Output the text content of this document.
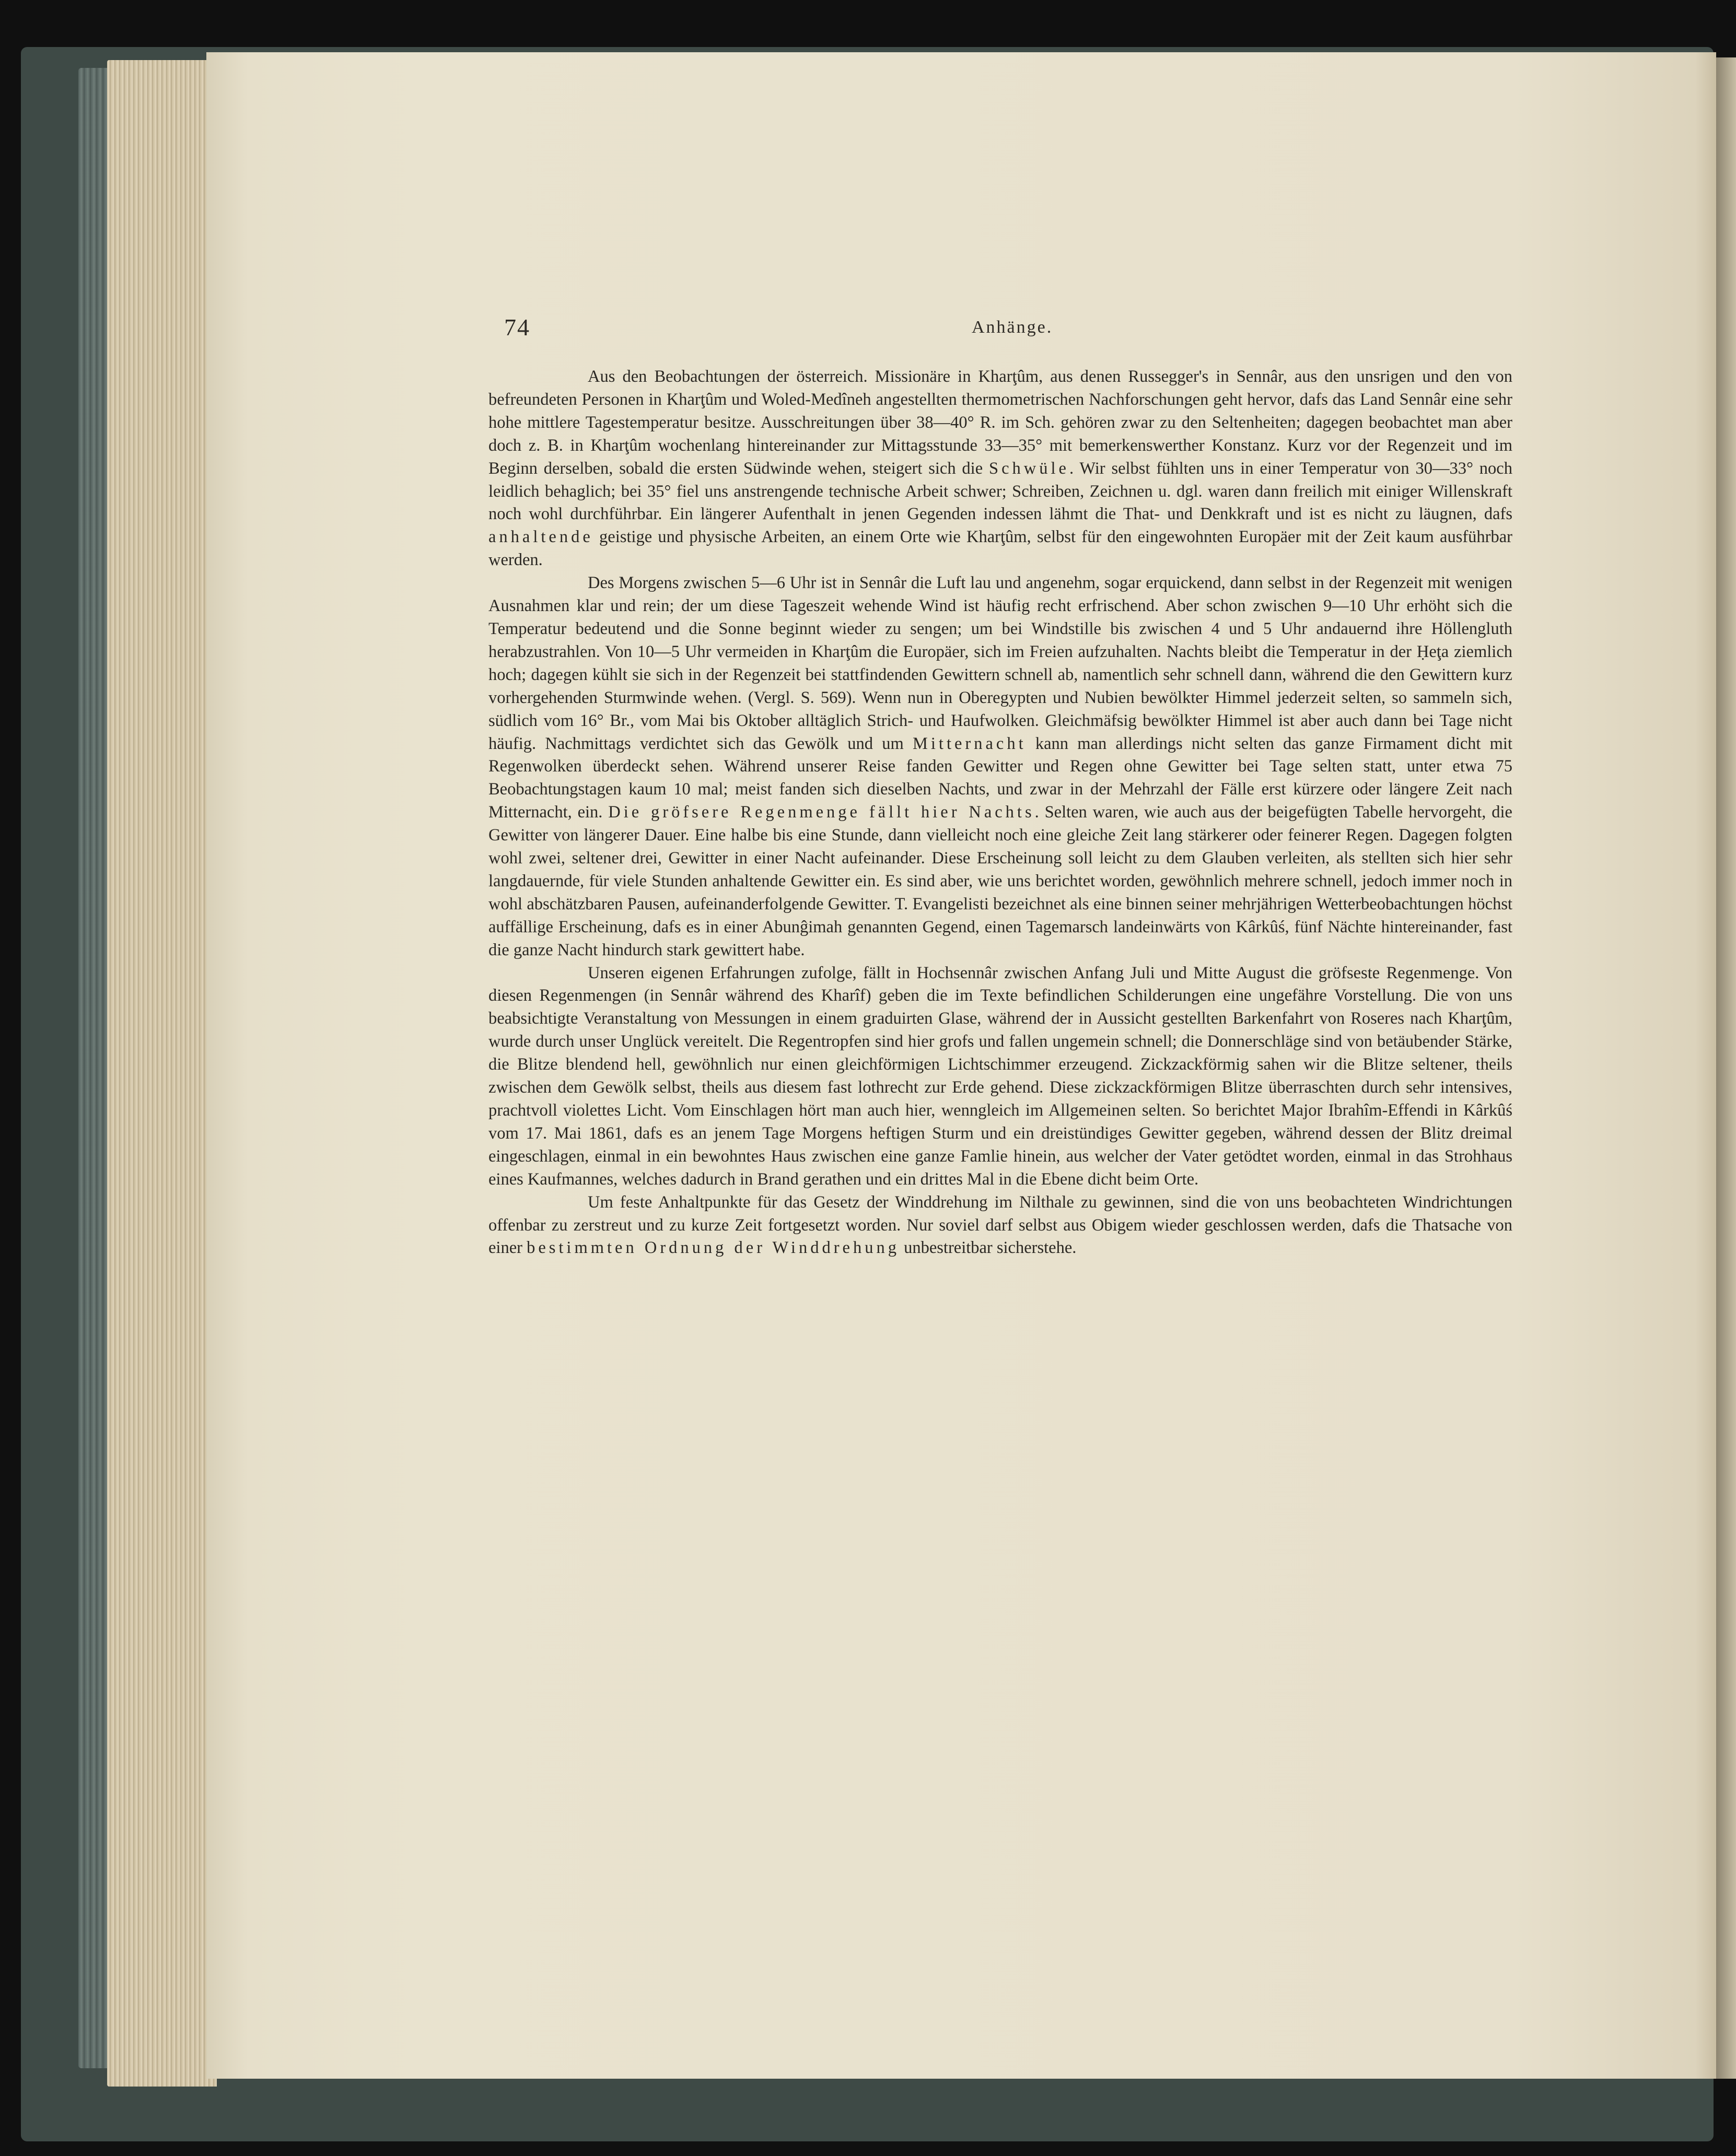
74	Anhänge.

Aus den Beobachtungen der österreich. Missionäre in Kharţûm, aus denen Russegger's in Sennâr, aus den unsrigen und den von befreundeten Personen in Kharţûm und Woled-Medîneh angestellten thermometrischen Nachforschungen geht hervor, dafs das Land Sennâr eine sehr hohe mittlere Tagestemperatur besitze. Ausschreitungen über 38—40° R. im Sch. gehören zwar zu den Seltenheiten; dagegen beobachtet man aber doch z. B. in Kharţûm wochenlang hintereinander zur Mittagsstunde 33—35° mit bemerkenswerther Konstanz. Kurz vor der Regenzeit und im Beginn derselben, sobald die ersten Südwinde wehen, steigert sich die Schwüle. Wir selbst fühlten uns in einer Temperatur von 30—33° noch leidlich behaglich; bei 35° fiel uns anstrengende technische Arbeit schwer; Schreiben, Zeichnen u. dgl. waren dann freilich mit einiger Willenskraft noch wohl durchführbar. Ein längerer Aufenthalt in jenen Gegenden indessen lähmt die That- und Denkkraft und ist es nicht zu läugnen, dafs anhaltende geistige und physische Arbeiten, an einem Orte wie Kharţûm, selbst für den eingewohnten Europäer mit der Zeit kaum ausführbar werden.

Des Morgens zwischen 5—6 Uhr ist in Sennâr die Luft lau und angenehm, sogar erquickend, dann selbst in der Regenzeit mit wenigen Ausnahmen klar und rein; der um diese Tageszeit wehende Wind ist häufig recht erfrischend. Aber schon zwischen 9—10 Uhr erhöht sich die Temperatur bedeutend und die Sonne beginnt wieder zu sengen; um bei Windstille bis zwischen 4 und 5 Uhr andauernd ihre Höllengluth herabzustrahlen. Von 10—5 Uhr vermeiden in Kharţûm die Europäer, sich im Freien aufzuhalten. Nachts bleibt die Temperatur in der Ḥeţa ziemlich hoch; dagegen kühlt sie sich in der Regenzeit bei stattfindenden Gewittern schnell ab, namentlich sehr schnell dann, während die den Gewittern kurz vorhergehenden Sturmwinde wehen. (Vergl. S. 569). Wenn nun in Oberegypten und Nubien bewölkter Himmel jederzeit selten, so sammeln sich, südlich vom 16° Br., vom Mai bis Oktober alltäglich Strich- und Haufwolken. Gleichmäfsig bewölkter Himmel ist aber auch dann bei Tage nicht häufig. Nachmittags verdichtet sich das Gewölk und um Mitternacht kann man allerdings nicht selten das ganze Firmament dicht mit Regenwolken überdeckt sehen. Während unserer Reise fanden Gewitter und Regen ohne Gewitter bei Tage selten statt, unter etwa 75 Beobachtungstagen kaum 10 mal; meist fanden sich dieselben Nachts, und zwar in der Mehrzahl der Fälle erst kürzere oder längere Zeit nach Mitternacht, ein. Die gröfsere Regenmenge fällt hier Nachts. Selten waren, wie auch aus der beigefügten Tabelle hervorgeht, die Gewitter von längerer Dauer. Eine halbe bis eine Stunde, dann vielleicht noch eine gleiche Zeit lang stärkerer oder feinerer Regen. Dagegen folgten wohl zwei, seltener drei, Gewitter in einer Nacht aufeinander. Diese Erscheinung soll leicht zu dem Glauben verleiten, als stellten sich hier sehr langdauernde, für viele Stunden anhaltende Gewitter ein. Es sind aber, wie uns berichtet worden, gewöhnlich mehrere schnell, jedoch immer noch in wohl abschätzbaren Pausen, aufeinanderfolgende Gewitter. T. Evangelisti bezeichnet als eine binnen seiner mehrjährigen Wetterbeobachtungen höchst auffällige Erscheinung, dafs es in einer Abunĝimah genannten Gegend, einen Tagemarsch landeinwärts von Kârkûś, fünf Nächte hintereinander, fast die ganze Nacht hindurch stark gewittert habe.

Unseren eigenen Erfahrungen zufolge, fällt in Hochsennâr zwischen Anfang Juli und Mitte August die gröfseste Regenmenge. Von diesen Regenmengen (in Sennâr während des Kharîf) geben die im Texte befindlichen Schilderungen eine ungefähre Vorstellung. Die von uns beabsichtigte Veranstaltung von Messungen in einem graduirten Glase, während der in Aussicht gestellten Barkenfahrt von Roseres nach Kharţûm, wurde durch unser Unglück vereitelt. Die Regentropfen sind hier grofs und fallen ungemein schnell; die Donnerschläge sind von betäubender Stärke, die Blitze blendend hell, gewöhnlich nur einen gleichförmigen Lichtschimmer erzeugend. Zickzackförmig sahen wir die Blitze seltener, theils zwischen dem Gewölk selbst, theils aus diesem fast lothrecht zur Erde gehend. Diese zickzackförmigen Blitze überraschten durch sehr intensives, prachtvoll violettes Licht. Vom Einschlagen hört man auch hier, wenngleich im Allgemeinen selten. So berichtet Major Ibrahîm-Effendi in Kârkûś vom 17. Mai 1861, dafs es an jenem Tage Morgens heftigen Sturm und ein dreistündiges Gewitter gegeben, während dessen der Blitz dreimal eingeschlagen, einmal in ein bewohntes Haus zwischen eine ganze Famlie hinein, aus welcher der Vater getödtet worden, einmal in das Strohhaus eines Kaufmannes, welches dadurch in Brand gerathen und ein drittes Mal in die Ebene dicht beim Orte.

Um feste Anhaltpunkte für das Gesetz der Winddrehung im Nilthale zu gewinnen, sind die von uns beobachteten Windrichtungen offenbar zu zerstreut und zu kurze Zeit fortgesetzt worden. Nur soviel darf selbst aus Obigem wieder geschlossen werden, dafs die Thatsache von einer bestimmten Ordnung der Winddrehung unbestreitbar sicherstehe.
